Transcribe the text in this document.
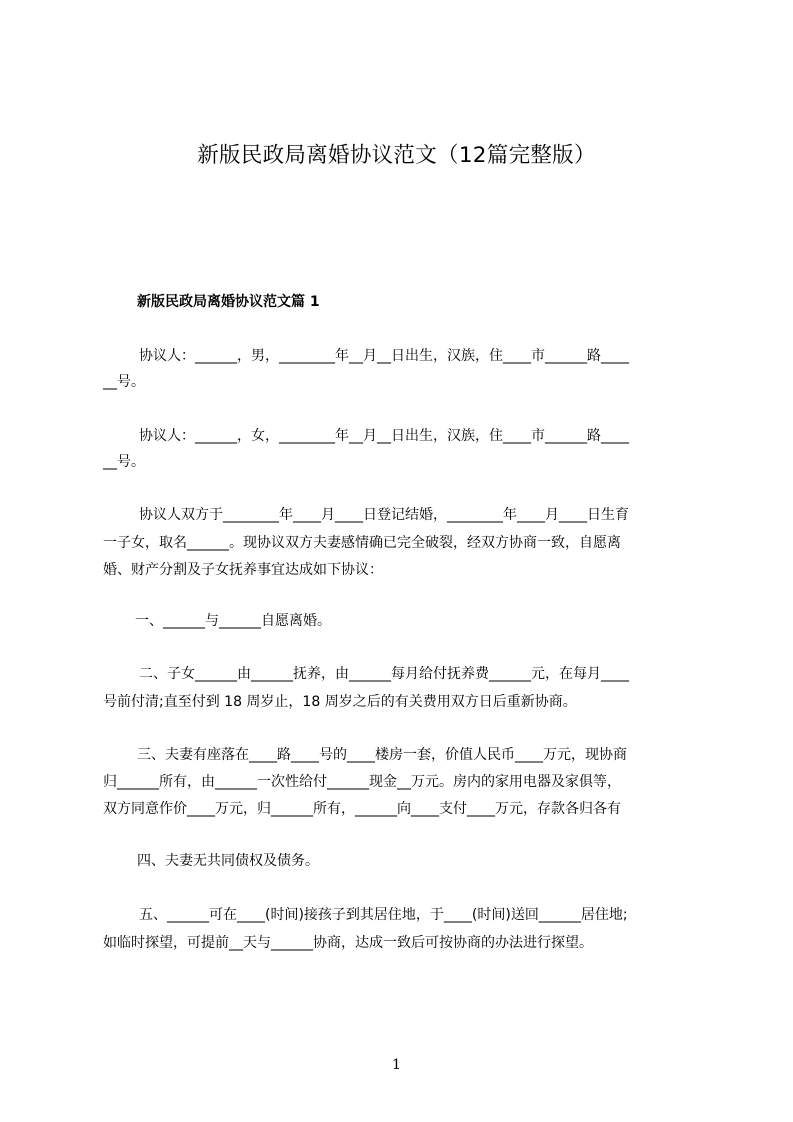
新版民政局离婚协议范文（12篇完整版）
新版民政局离婚协议范文篇 1
协议人：______，男，________年__月__日出生，汉族，住____市______路____
__号。
协议人：______，女，________年__月__日出生，汉族，住____市______路____
__号。
协议人双方于________年____月____日登记结婚，________年____月____日生育
一子女，取名______。现协议双方夫妻感情确已完全破裂，经双方协商一致，自愿离
婚、财产分割及子女抚养事宜达成如下协议：
一、______与______自愿离婚。
二、子女______由______抚养，由______每月给付抚养费______元，在每月____
号前付清;直至付到 18 周岁止，18 周岁之后的有关费用双方日后重新协商。
三、夫妻有座落在____路____号的____楼房一套，价值人民币____万元，现协商
归______所有，由______一次性给付______现金__万元。房内的家用电器及家俱等，
双方同意作价____万元，归______所有，______向____支付____万元，存款各归各有
四、夫妻无共同债权及债务。
五、______可在____(时间)接孩子到其居住地，于____(时间)送回______居住地;
如临时探望，可提前__天与______协商，达成一致后可按协商的办法进行探望。
1
